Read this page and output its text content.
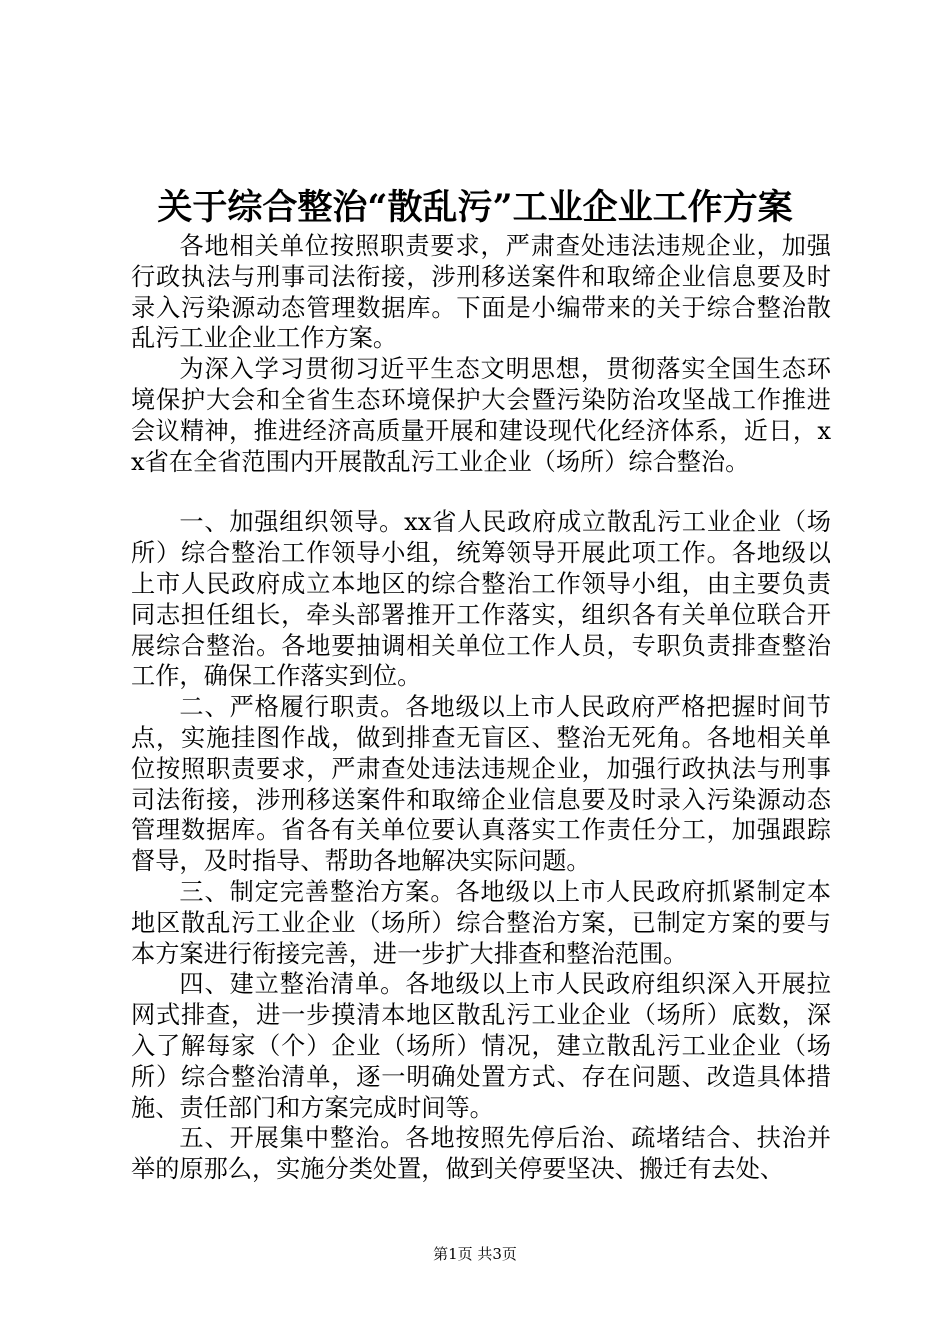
关于综合整治“散乱污”工业企业工作方案

各地相关单位按照职责要求，严肃查处违法违规企业，加强行政执法与刑事司法衔接，涉刑移送案件和取缔企业信息要及时录入污染源动态管理数据库。下面是小编带来的关于综合整治散乱污工业企业工作方案。

为深入学习贯彻习近平生态文明思想，贯彻落实全国生态环境保护大会和全省生态环境保护大会暨污染防治攻坚战工作推进会议精神，推进经济高质量开展和建设现代化经济体系，近日，xx省在全省范围内开展散乱污工业企业（场所）综合整治。

一、加强组织领导。xx省人民政府成立散乱污工业企业（场所）综合整治工作领导小组，统筹领导开展此项工作。各地级以上市人民政府成立本地区的综合整治工作领导小组，由主要负责同志担任组长，牵头部署推开工作落实，组织各有关单位联合开展综合整治。各地要抽调相关单位工作人员，专职负责排查整治工作，确保工作落实到位。

二、严格履行职责。各地级以上市人民政府严格把握时间节点，实施挂图作战，做到排查无盲区、整治无死角。各地相关单位按照职责要求，严肃查处违法违规企业，加强行政执法与刑事司法衔接，涉刑移送案件和取缔企业信息要及时录入污染源动态管理数据库。省各有关单位要认真落实工作责任分工，加强跟踪督导，及时指导、帮助各地解决实际问题。

三、制定完善整治方案。各地级以上市人民政府抓紧制定本地区散乱污工业企业（场所）综合整治方案，已制定方案的要与本方案进行衔接完善，进一步扩大排查和整治范围。

四、建立整治清单。各地级以上市人民政府组织深入开展拉网式排查，进一步摸清本地区散乱污工业企业（场所）底数，深入了解每家（个）企业（场所）情况，建立散乱污工业企业（场所）综合整治清单，逐一明确处置方式、存在问题、改造具体措施、责任部门和方案完成时间等。

五、开展集中整治。各地按照先停后治、疏堵结合、扶治并举的原那么，实施分类处置，做到关停要坚决、搬迁有去处、

第1页 共3页
